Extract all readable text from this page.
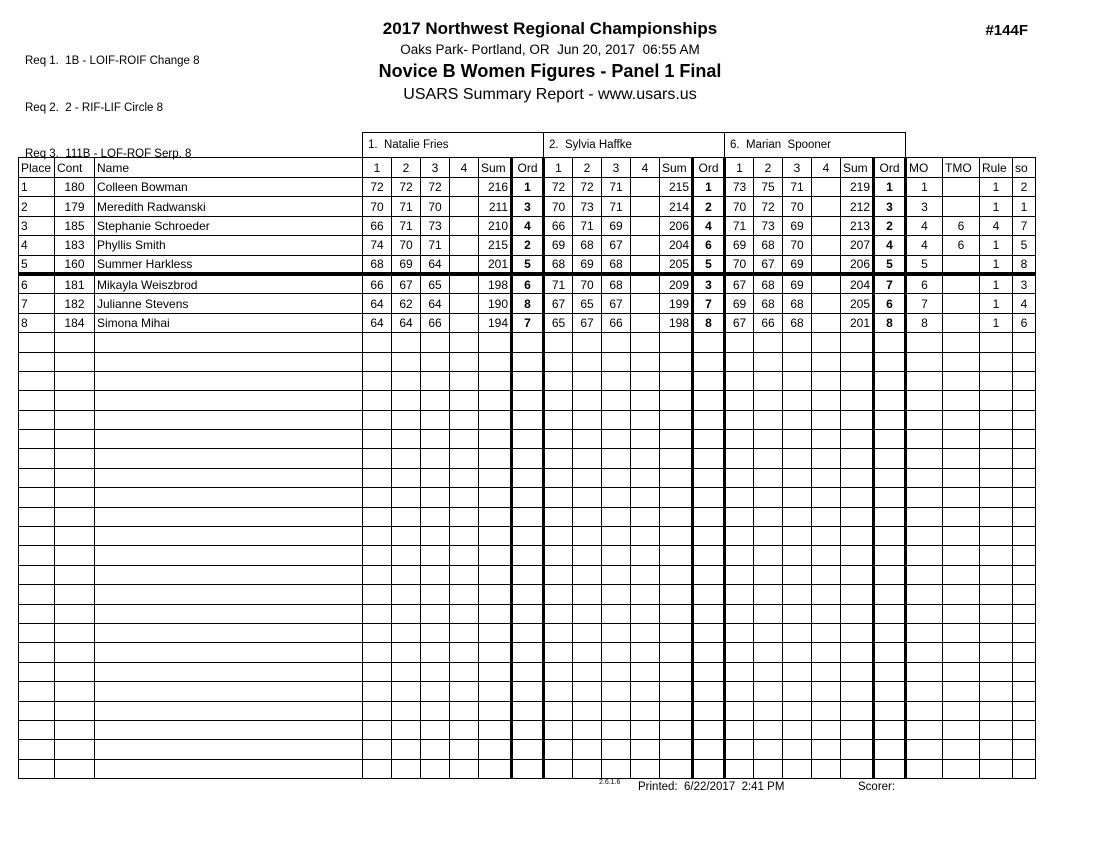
Req 1.  1B - LOIF-ROIF Change 8

Req 2.  2 - RIF-LIF Circle 8

Req 3.  111B - LOF-ROF Serp. 8

2017 Northwest Regional Championships
Oaks Park- Portland, OR  Jun 20, 2017  06:55 AM
Novice B Women Figures - Panel 1 Final
USARS Summary Report - www.usars.us
#144F
			1.  Natalie Fries						2.  Sylvia Haffke						6.  Marian  Spooner									
Place	Cont	Name	1	2	3	4	Sum	Ord	1	2	3	4	Sum	Ord	1	2	3	4	Sum	Ord	MO	TMO	Rule	so
1	180	Colleen Bowman	72	72	72		216	1	72	72	71		215	1	73	75	71		219	1	1		1	2
2	179	Meredith Radwanski	70	71	70		211	3	70	73	71		214	2	70	72	70		212	3	3		1	1
3	185	Stephanie Schroeder	66	71	73		210	4	66	71	69		206	4	71	73	69		213	2	4	6	4	7
4	183	Phyllis Smith	74	70	71		215	2	69	68	67		204	6	69	68	70		207	4	4	6	1	5
5	160	Summer Harkless	68	69	64		201	5	68	69	68		205	5	70	67	69		206	5	5		1	8
6	181	Mikayla Weiszbrod	66	67	65		198	6	71	70	68		209	3	67	68	69		204	7	6		1	3
7	182	Julianne Stevens	64	62	64		190	8	67	65	67		199	7	69	68	68		205	6	7		1	4
8	184	Simona Mihai	64	64	66		194	7	65	67	66		198	8	67	66	68		201	8	8		1	6

2.6.1.6 Printed:  6/22/2017  2:41 PM	Scorer:
